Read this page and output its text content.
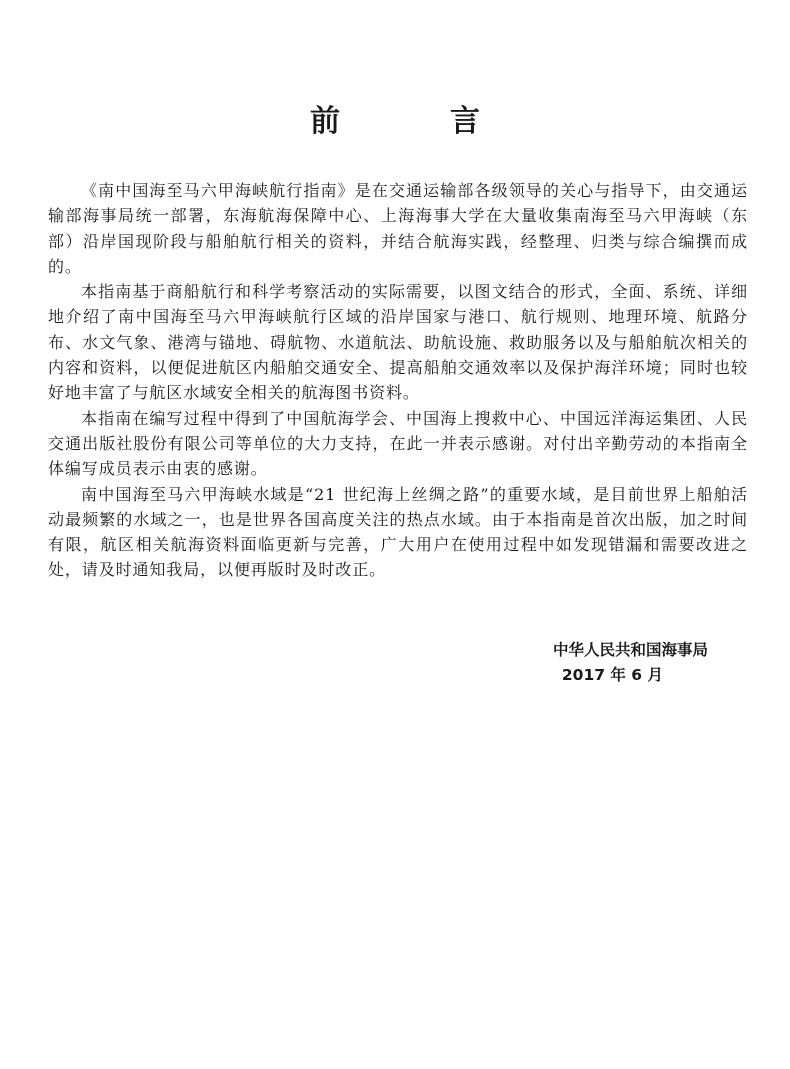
前　言

《南中国海至马六甲海峡航行指南》是在交通运输部各级领导的关心与指导下，由交通运输部海事局统一部署，东海航海保障中心、上海海事大学在大量收集南海至马六甲海峡（东部）沿岸国现阶段与船舶航行相关的资料，并结合航海实践，经整理、归类与综合编撰而成的。

本指南基于商船航行和科学考察活动的实际需要，以图文结合的形式，全面、系统、详细地介绍了南中国海至马六甲海峡航行区域的沿岸国家与港口、航行规则、地理环境、航路分布、水文气象、港湾与锚地、碍航物、水道航法、助航设施、救助服务以及与船舶航次相关的内容和资料，以便促进航区内船舶交通安全、提高船舶交通效率以及保护海洋环境；同时也较好地丰富了与航区水域安全相关的航海图书资料。

本指南在编写过程中得到了中国航海学会、中国海上搜救中心、中国远洋海运集团、人民交通出版社股份有限公司等单位的大力支持，在此一并表示感谢。对付出辛勤劳动的本指南全体编写成员表示由衷的感谢。

南中国海至马六甲海峡水域是“21 世纪海上丝绸之路”的重要水域，是目前世界上船舶活动最频繁的水域之一，也是世界各国高度关注的热点水域。由于本指南是首次出版，加之时间有限，航区相关航海资料面临更新与完善，广大用户在使用过程中如发现错漏和需要改进之处，请及时通知我局，以便再版时及时改正。

中华人民共和国海事局
2017 年 6 月
